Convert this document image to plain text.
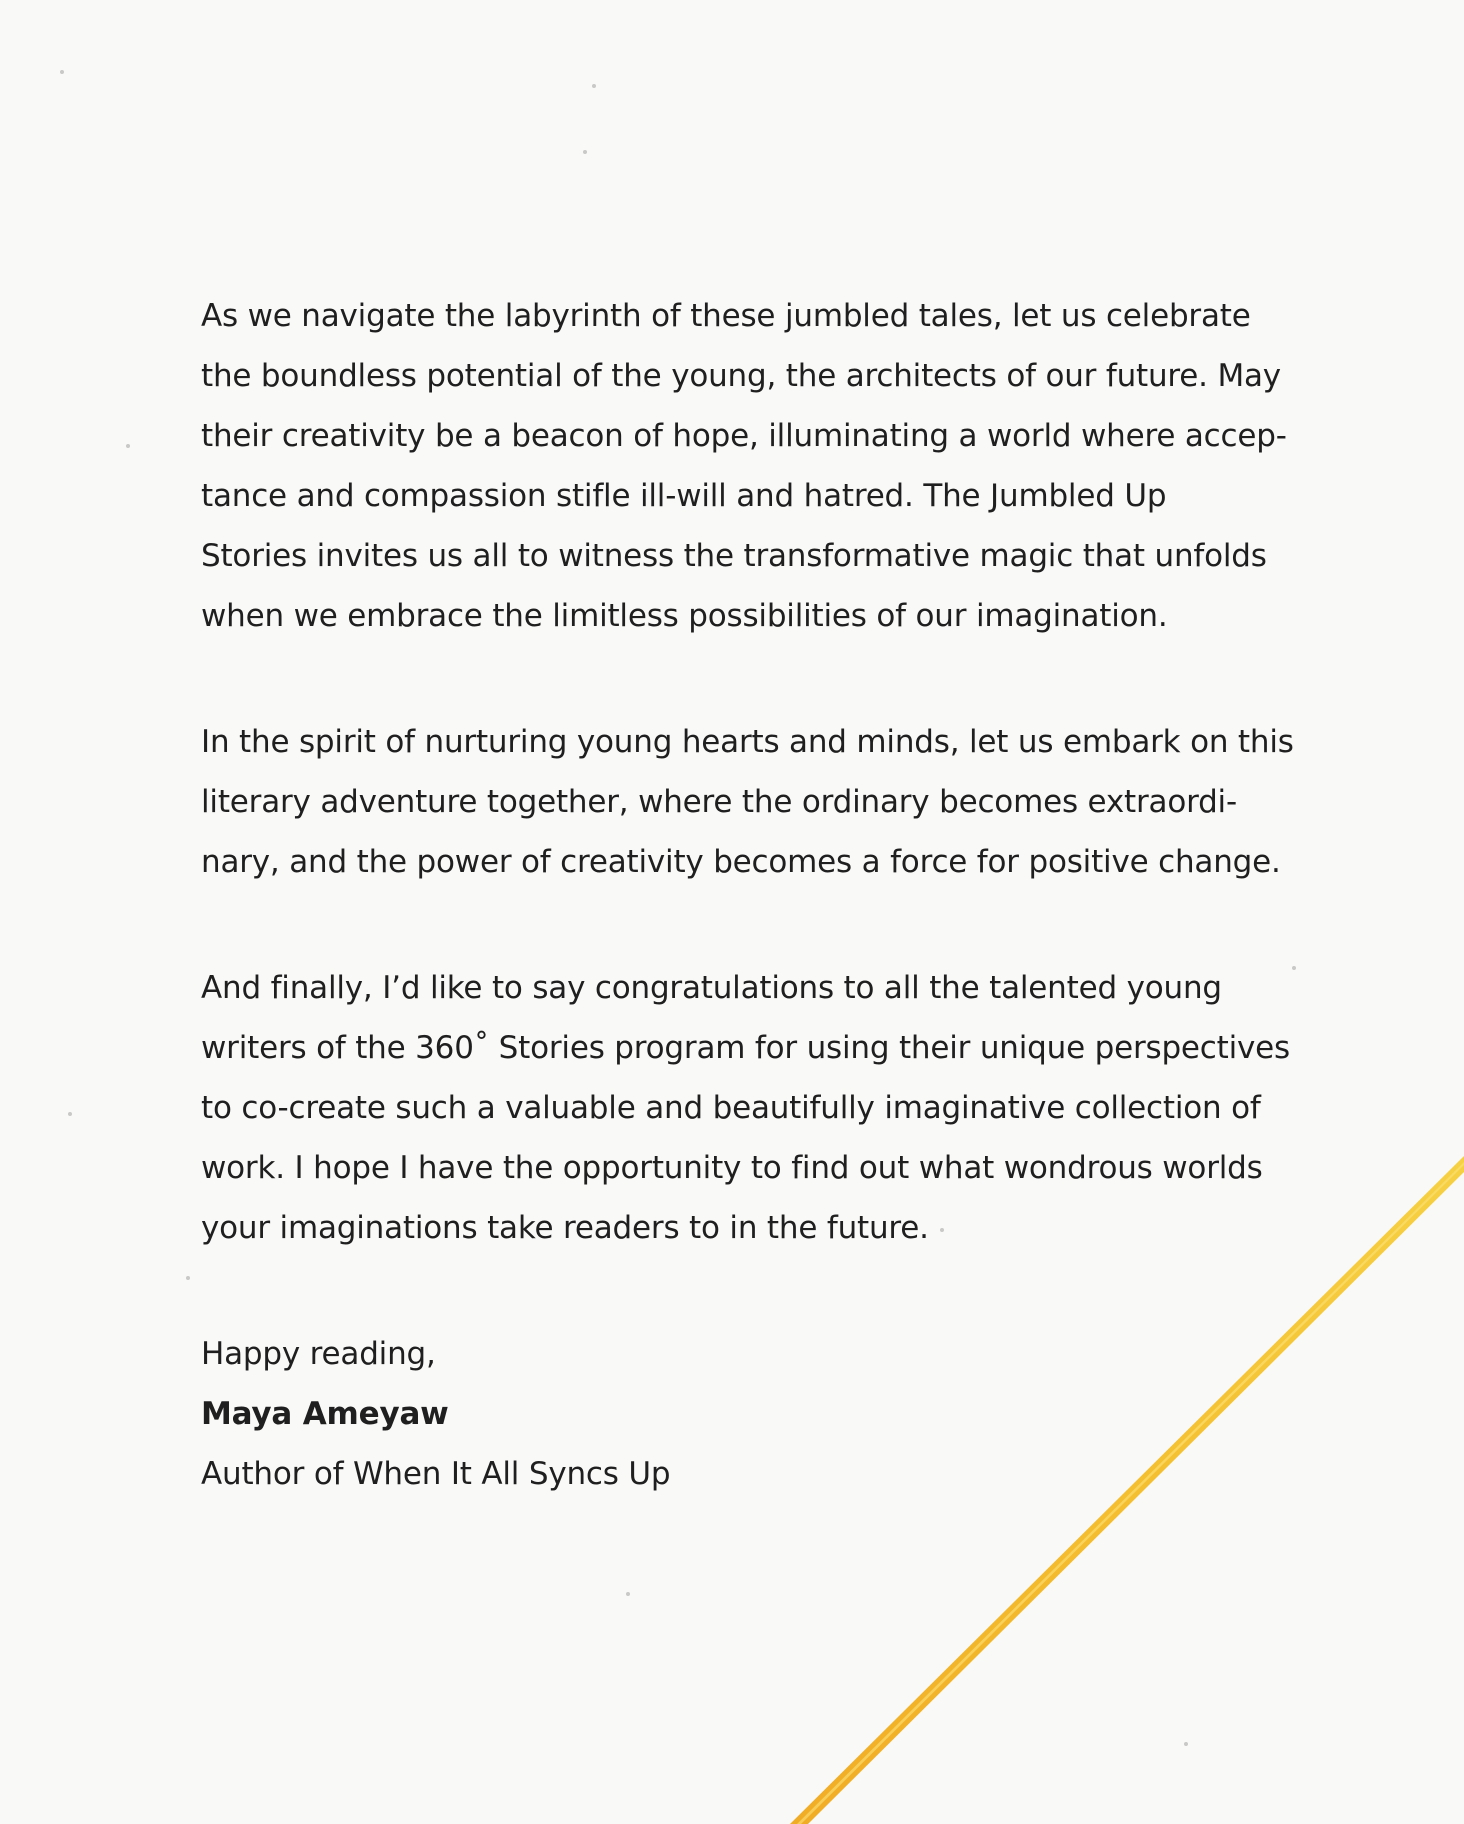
As we navigate the labyrinth of these jumbled tales, let us celebrate
the boundless potential of the young, the architects of our future. May
their creativity be a beacon of hope, illuminating a world where accep-
tance and compassion stifle ill-will and hatred. The Jumbled Up
Stories invites us all to witness the transformative magic that unfolds
when we embrace the limitless possibilities of our imagination.
In the spirit of nurturing young hearts and minds, let us embark on this
literary adventure together, where the ordinary becomes extraordi-
nary, and the power of creativity becomes a force for positive change.
And finally, I’d like to say congratulations to all the talented young
writers of the 360˚ Stories program for using their unique perspectives
to co-create such a valuable and beautifully imaginative collection of
work. I hope I have the opportunity to find out what wondrous worlds
your imaginations take readers to in the future.
Happy reading,
Maya Ameyaw
Author of When It All Syncs Up
